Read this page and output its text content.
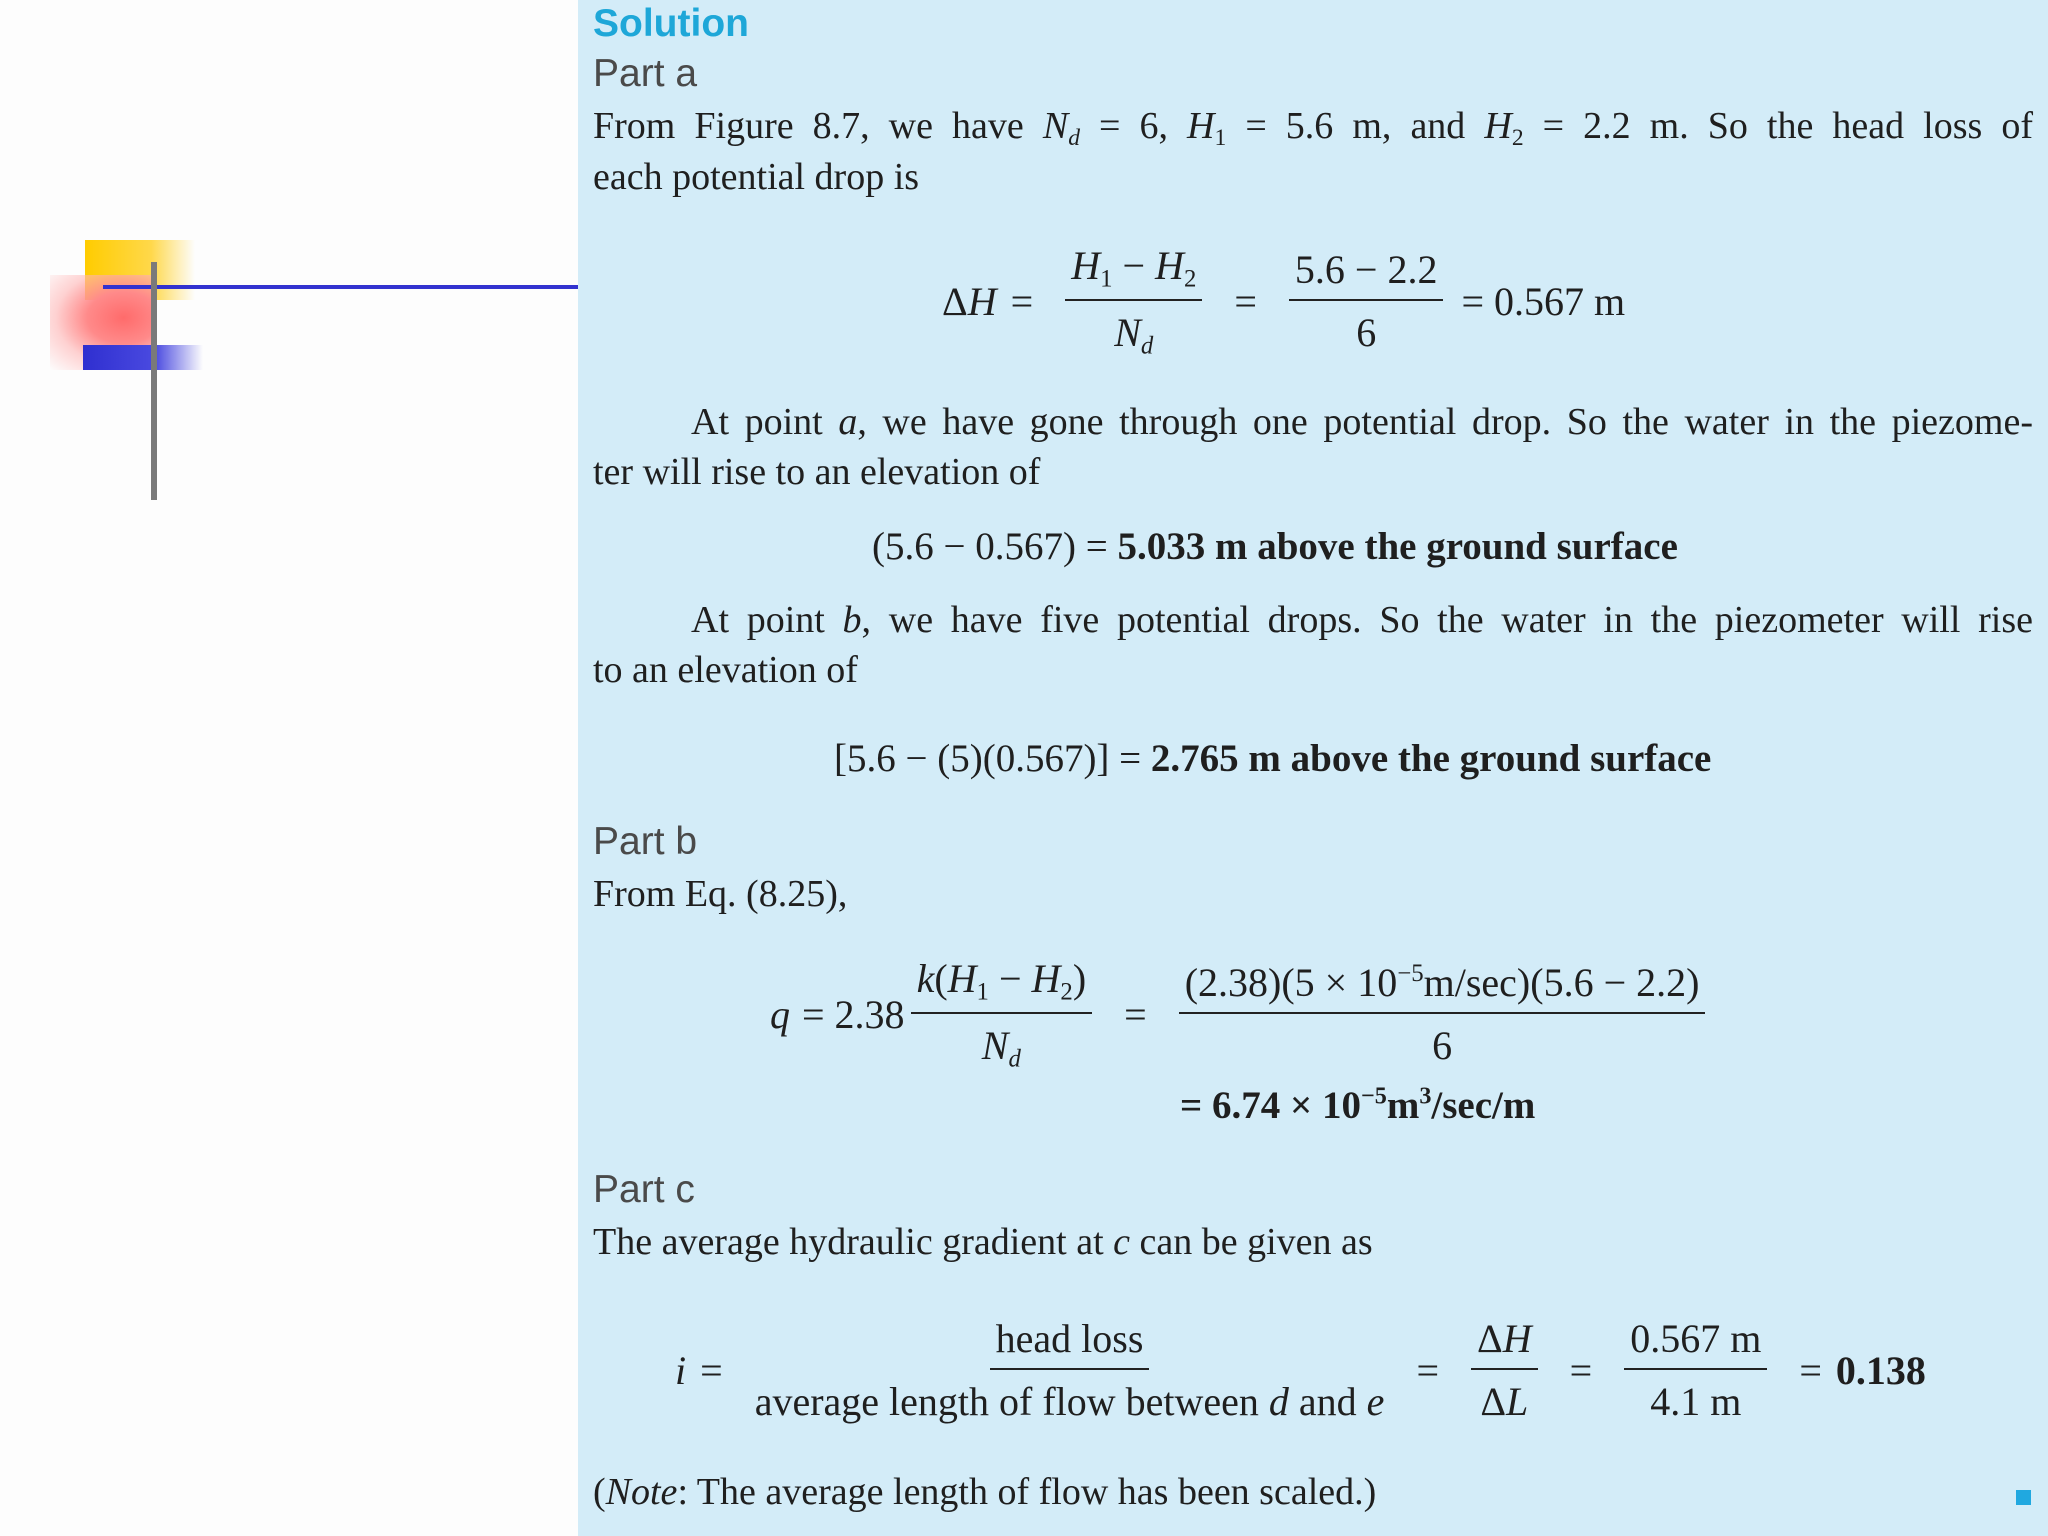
Solution
Part a
From Figure 8.7, we have $N_d = 6$, $H_1 = 5.6$ m, and $H_2 = 2.2$ m. So the head loss of
each potential drop is
$\Delta H = \frac{H_1 - H_2}{N_d} = \frac{5.6 - 2.2}{6} = 0.567$ m
At point a, we have gone through one potential drop. So the water in the piezome-
ter will rise to an elevation of
(5.6 − 0.567) = 5.033 m above the ground surface
At point b, we have five potential drops. So the water in the piezometer will rise
to an elevation of
[5.6 − (5)(0.567)] = 2.765 m above the ground surface
Part b
From Eq. (8.25),
$q = 2.38 \frac{k(H_1 - H_2)}{N_d} = \frac{(2.38)(5 \times 10^{-5}m/\sec)(5.6 - 2.2)}{6}$
= $6.74 \times 10^{-5}m^3/\sec/m$
Part c
The average hydraulic gradient at c can be given as
$i = \frac{\text{head loss}}{\text{average length of flow between d and e}} = \frac{\Delta H}{\Delta L} = \frac{0.567 m}{4.1 m} = 0.138$
(Note: The average length of flow has been scaled.)
